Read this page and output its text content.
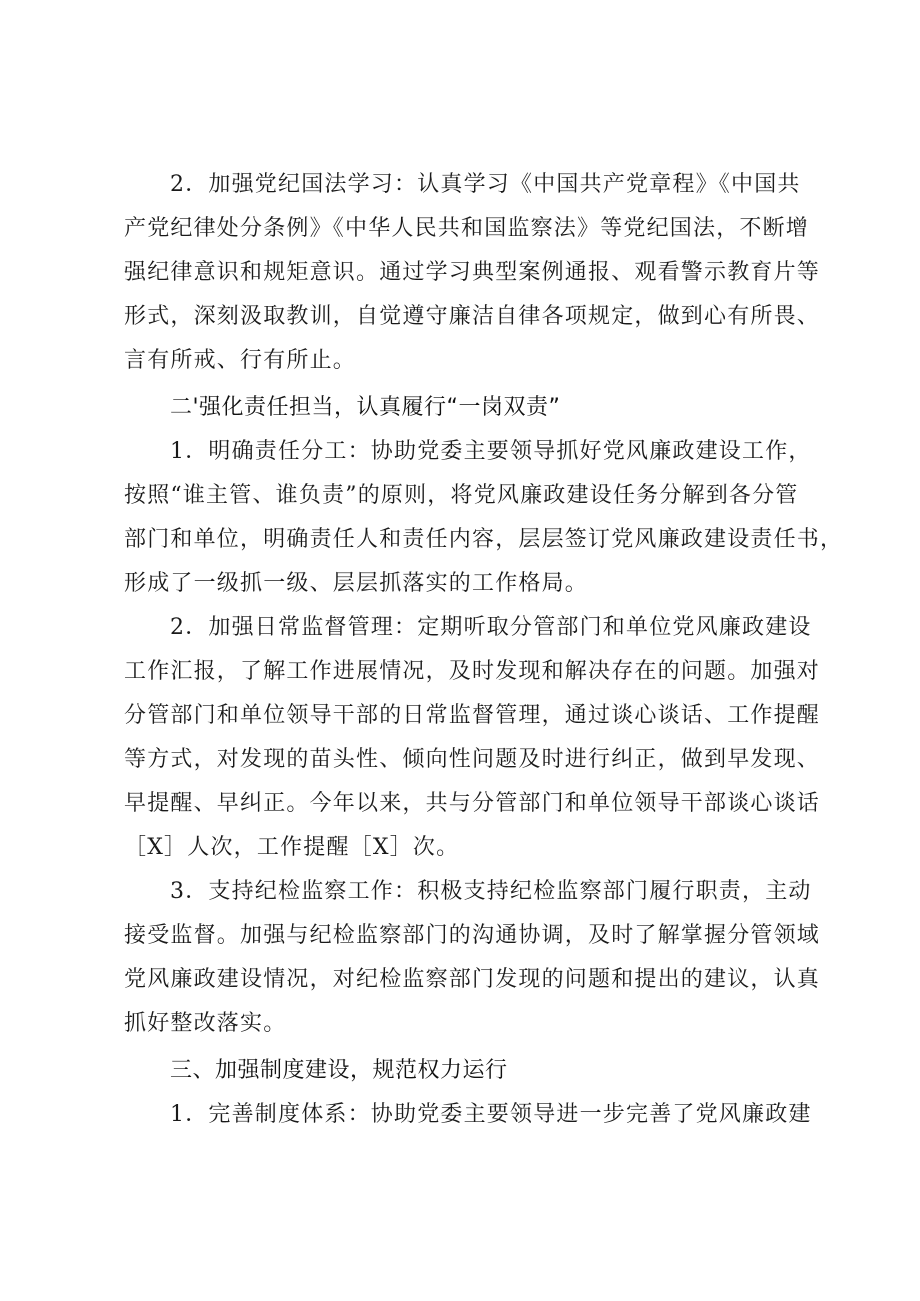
2．加强党纪国法学习：认真学习《中国共产党章程》《中国共
产党纪律处分条例》《中华人民共和国监察法》等党纪国法，不断增
强纪律意识和规矩意识。通过学习典型案例通报、观看警示教育片等
形式，深刻汲取教训，自觉遵守廉洁自律各项规定，做到心有所畏、
言有所戒、行有所止。
二'强化责任担当，认真履行“一岗双责”
1．明确责任分工：协助党委主要领导抓好党风廉政建设工作，
按照“谁主管、谁负责”的原则，将党风廉政建设任务分解到各分管
部门和单位，明确责任人和责任内容，层层签订党风廉政建设责任书，
形成了一级抓一级、层层抓落实的工作格局。
2．加强日常监督管理：定期听取分管部门和单位党风廉政建设
工作汇报，了解工作进展情况，及时发现和解决存在的问题。加强对
分管部门和单位领导干部的日常监督管理，通过谈心谈话、工作提醒
等方式，对发现的苗头性、倾向性问题及时进行纠正，做到早发现、
早提醒、早纠正。今年以来，共与分管部门和单位领导干部谈心谈话
［X］人次，工作提醒［X］次。
3．支持纪检监察工作：积极支持纪检监察部门履行职责，主动
接受监督。加强与纪检监察部门的沟通协调，及时了解掌握分管领域
党风廉政建设情况，对纪检监察部门发现的问题和提出的建议，认真
抓好整改落实。
三、加强制度建设，规范权力运行
1．完善制度体系：协助党委主要领导进一步完善了党风廉政建
